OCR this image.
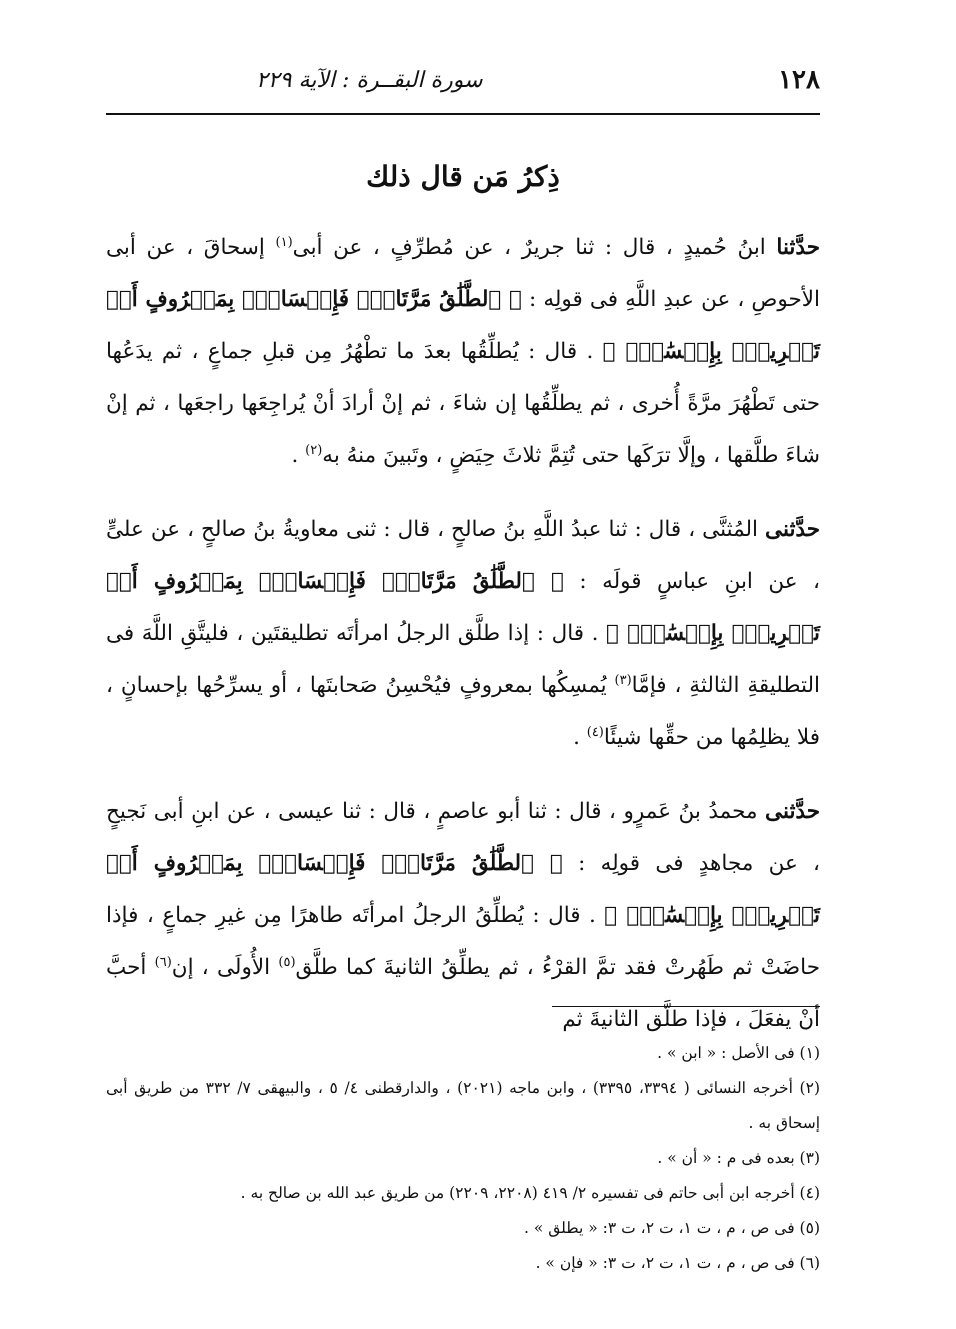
١٢٨
سورة البقــرة : الآية ٢٢٩
ذِكرُ مَن قال ذلك

حدَّثنا ابنُ حُميدٍ ، قال : ثنا جريرٌ ، عن مُطرِّفٍ ، عن أبى$^{(١)}$ إسحاقَ ، عن أبى الأحوصِ ، عن عبدِ اللَّهِ فى قولِه : ﴿ ٱلطَّلَٰقُ مَرَّتَانِۖ فَإِمۡسَاكُۢ بِمَعۡرُوفٍ أَوۡ تَسۡرِيحُۢ بِإِحۡسَٰنٖۗ ﴾ . قال : يُطلِّقُها بعدَ ما تطْهُرُ مِن قبلِ جماعٍ ، ثم يدَعُها حتى تَطْهُرَ مرَّةً أُخرى ، ثم يطلِّقُها إن شاءَ ، ثم إنْ أرادَ أنْ يُراجِعَها راجعَها ، ثم إنْ شاءَ طلَّقها ، وإلَّا ترَكَها حتى تُتِمَّ ثلاثَ حِيَضٍ ، وتَبينَ منهُ به$^{(٢)}$ .

حدَّثنى المُثنَّى ، قال : ثنا عبدُ اللَّهِ بنُ صالحٍ ، قال : ثنى معاويةُ بنُ صالحٍ ، عن علىٍّ ، عن ابنِ عباسٍ قولَه : ﴿ ٱلطَّلَٰقُ مَرَّتَانِۖ فَإِمۡسَاكُۢ بِمَعۡرُوفٍ أَوۡ تَسۡرِيحُۢ بِإِحۡسَٰنٖۗ ﴾ . قال : إذا طلَّق الرجلُ امرأتَه تطليقتَين ، فليتَّقِ اللَّهَ فى التطليقةِ الثالثةِ ، فإمَّا$^{(٣)}$ يُمسِكُها بمعروفٍ فيُحْسِنُ صَحابتَها ، أو يسرِّحُها بإحسانٍ ، فلا يظلِمُها من حقِّها شيئًا$^{(٤)}$ .

حدَّثنى محمدُ بنُ عَمرٍو ، قال : ثنا أبو عاصمٍ ، قال : ثنا عيسى ، عن ابنِ أبى نَجيحٍ ، عن مجاهدٍ فى قولِه : ﴿ ٱلطَّلَٰقُ مَرَّتَانِۖ فَإِمۡسَاكُۢ بِمَعۡرُوفٍ أَوۡ تَسۡرِيحُۢ بِإِحۡسَٰنٖۗ ﴾ . قال : يُطلِّقُ الرجلُ امرأتَه طاهرًا مِن غيرِ جماعٍ ، فإذا حاضَتْ ثم طَهُرتْ فقد تمَّ القرْءُ ، ثم يطلِّقُ الثانيةَ كما طلَّق$^{(٥)}$ الأُولَى ، إن$^{(٦)}$ أحبَّ أنْ يفعَلَ ، فإذا طلَّق الثانيةَ ثم

(١) فى الأصل : « ابن » .

(٢) أخرجه النسائى ( ٣٣٩٤، ٣٣٩٥) ، وابن ماجه (٢٠٢١) ، والدارقطنى ٤/ ٥ ، والبيهقى ٧/ ٣٣٢ من طريق أبى إسحاق به .

(٣) بعده فى م : « أن » .

(٤) أخرجه ابن أبى حاتم فى تفسيره ٢/ ٤١٩ (٢٢٠٨، ٢٢٠٩) من طريق عبد الله بن صالح به .

(٥) فى ص ، م ، ت ١، ت ٢، ت ٣: « يطلق » .

(٦) فى ص ، م ، ت ١، ت ٢، ت ٣: « فإن » .
